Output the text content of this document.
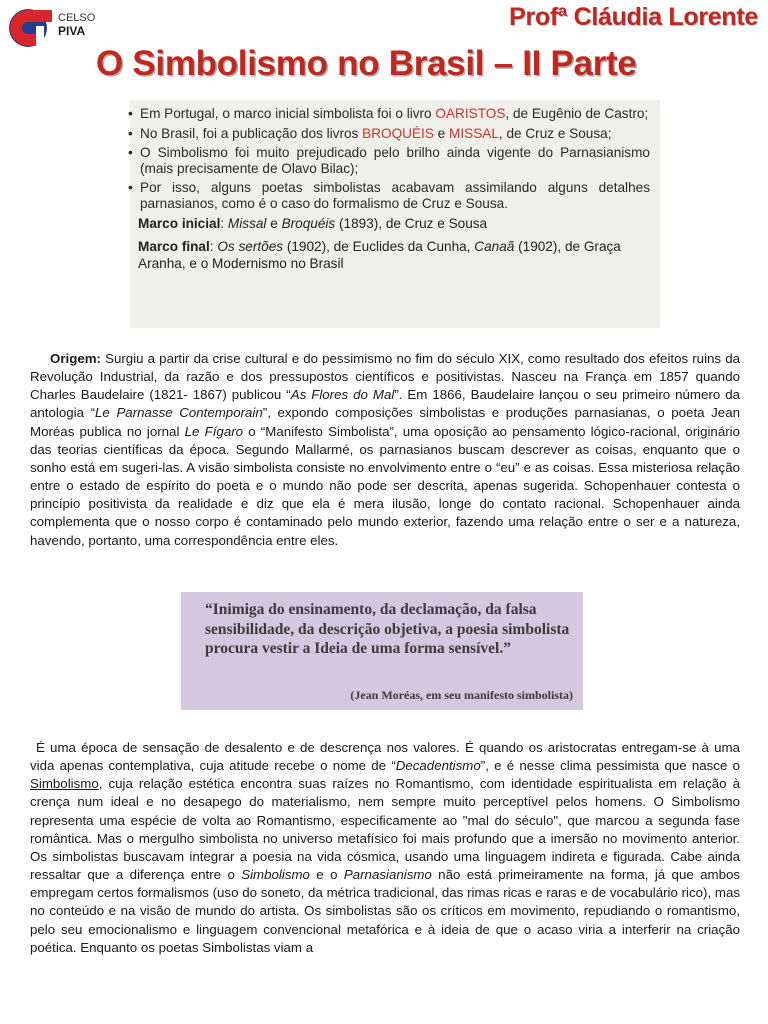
CELSO
PIVA	Profª Cláudia Lorente
O Simbolismo no Brasil – II Parte
• Em Portugal, o marco inicial simbolista foi o livro OARISTOS, de Eugênio de Castro;
• No Brasil, foi a publicação dos livros BROQUÉIS e MISSAL, de Cruz e Sousa;
• O Simbolismo foi muito prejudicado pelo brilho ainda vigente do Parnasianismo (mais precisamente de Olavo Bilac);
• Por isso, alguns poetas simbolistas acabavam assimilando alguns detalhes parnasianos, como é o caso do formalismo de Cruz e Sousa.
Marco inicial: Missal e Broquéis (1893), de Cruz e Sousa
Marco final: Os sertões (1902), de Euclides da Cunha, Canaã (1902), de Graça Aranha, e o Modernismo no Brasil

Origem: Surgiu a partir da crise cultural e do pessimismo no fim do século XIX, como resultado dos efeitos ruins da Revolução Industrial, da razão e dos pressupostos científicos e positivistas. Nasceu na França em 1857 quando Charles Baudelaire (1821- 1867) publicou “As Flores do Mal”. Em 1866, Baudelaire lançou o seu primeiro número da antologia “Le Parnasse Contemporain”, expondo composições simbolistas e produções parnasianas, o poeta Jean Moréas publica no jornal Le Fígaro o “Manifesto Simbolista”, uma oposição ao pensamento lógico-racional, originário das teorias científicas da época. Segundo Mallarmé, os parnasianos buscam descrever as coisas, enquanto que o sonho está em sugeri-las. A visão simbolista consiste no envolvimento entre o “eu” e as coisas. Essa misteriosa relação entre o estado de espírito do poeta e o mundo não pode ser descrita, apenas sugerida. Schopenhauer contesta o princípio positivista da realidade e diz que ela é mera ilusão, longe do contato racional. Schopenhauer ainda complementa que o nosso corpo é contaminado pelo mundo exterior, fazendo uma relação entre o ser e a natureza, havendo, portanto, uma correspondência entre eles.

“Inimiga do ensinamento, da declamação, da falsa sensibilidade, da descrição objetiva, a poesia simbolista procura vestir a Ideia de uma forma sensível.”
(Jean Moréas, em seu manifesto simbolista)

É uma época de sensação de desalento e de descrença nos valores. É quando os aristocratas entregam-se à uma vida apenas contemplativa, cuja atitude recebe o nome de “Decadentismo”, e é nesse clima pessimista que nasce o Simbolismo, cuja relação estética encontra suas raízes no Romantismo, com identidade espiritualista em relação à crença num ideal e no desapego do materialismo, nem sempre muito perceptível pelos homens. O Simbolismo representa uma espécie de volta ao Romantismo, especificamente ao "mal do século", que marcou a segunda fase romântica. Mas o mergulho simbolista no universo metafísico foi mais profundo que a imersão no movimento anterior. Os simbolistas buscavam integrar a poesia na vida cósmica, usando uma linguagem indireta e figurada. Cabe ainda ressaltar que a diferença entre o Simbolismo e o Parnasianismo não está primeiramente na forma, já que ambos empregam certos formalismos (uso do soneto, da métrica tradicional, das rimas ricas e raras e de vocabulário rico), mas no conteúdo e na visão de mundo do artista. Os simbolistas são os críticos em movimento, repudiando o romantismo, pelo seu emocionalismo e linguagem convencional metafórica e à ideia de que o acaso viria a interferir na criação poética. Enquanto os poetas Simbolistas viam a
